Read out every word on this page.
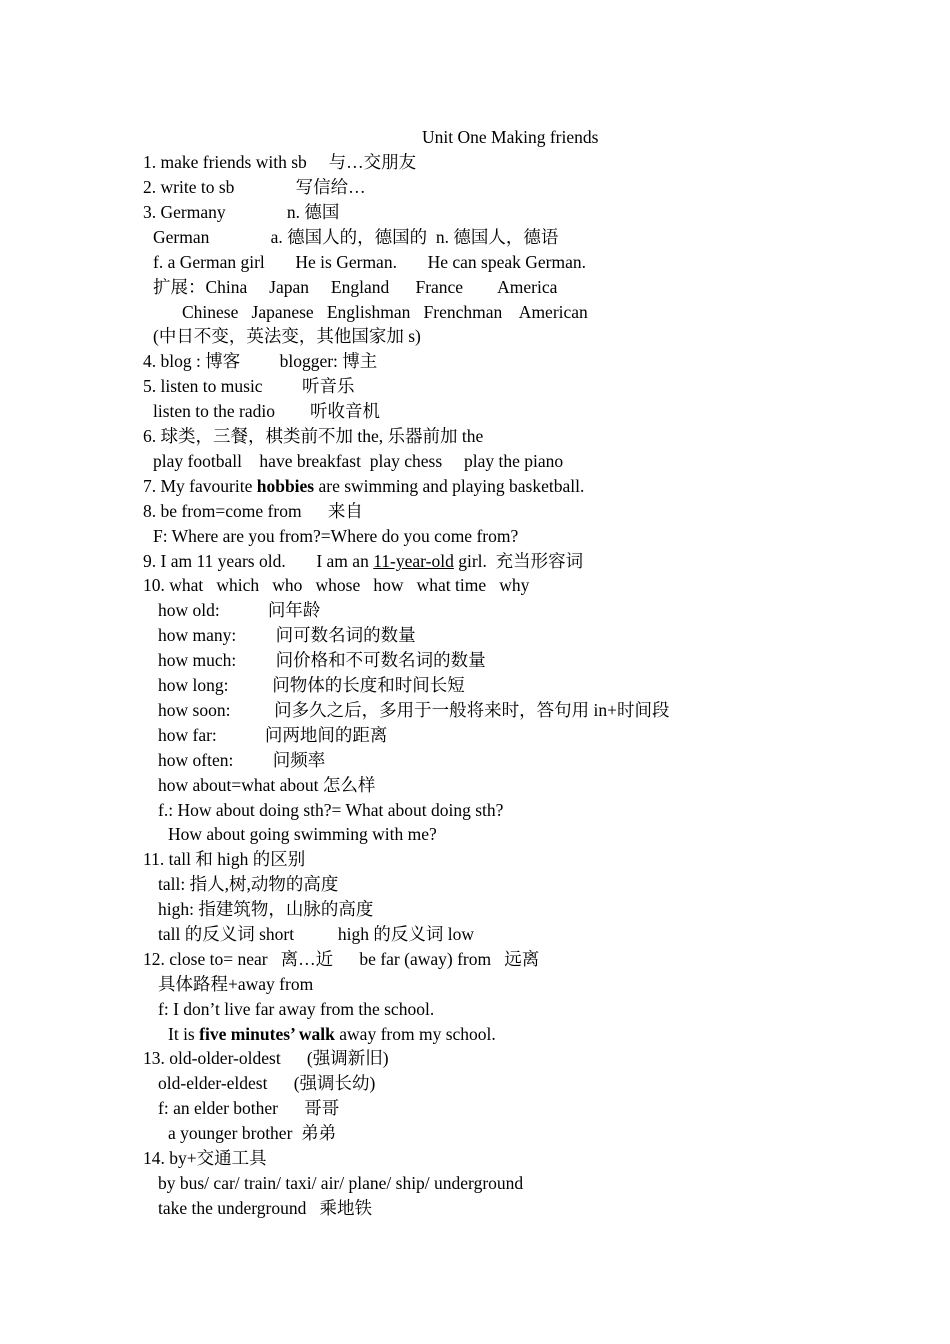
Unit One Making friends
1. make friends with sb     与…交朋友
2. write to sb              写信给…
3. Germany              n. 德国
German              a. 德国人的，德国的  n. 德国人，德语
f. a German girl       He is German.       He can speak German.
扩展：China     Japan     England      France        America
Chinese   Japanese   Englishman   Frenchman    American
(中日不变，英法变，其他国家加 s)
4. blog : 博客         blogger: 博主
5. listen to music         听音乐
listen to the radio        听收音机
6. 球类，三餐，棋类前不加 the, 乐器前加 the
play football    have breakfast  play chess     play the piano
7. My favourite hobbies are swimming and playing basketball.
8. be from=come from      来自
F: Where are you from?=Where do you come from?
9. I am 11 years old.       I am an 11-year-old girl.  充当形容词
10. what   which   who   whose   how   what time   why
how old:           问年龄
how many:         问可数名词的数量
how much:         问价格和不可数名词的数量
how long:          问物体的长度和时间长短
how soon:          问多久之后，多用于一般将来时，答句用 in+时间段
how far:           问两地间的距离
how often:         问频率
how about=what about 怎么样
f.: How about doing sth?= What about doing sth?
How about going swimming with me?
11. tall 和 high 的区别
tall: 指人,树,动物的高度
high: 指建筑物，山脉的高度
tall 的反义词 short          high 的反义词 low
12. close to= near   离…近      be far (away) from   远离
具体路程+away from
f: I don’t live far away from the school.
It is five minutes’ walk away from my school.
13. old-older-oldest      (强调新旧)
old-elder-eldest      (强调长幼)
f: an elder bother      哥哥
a younger brother  弟弟
14. by+交通工具
by bus/ car/ train/ taxi/ air/ plane/ ship/ underground
take the underground   乘地铁
